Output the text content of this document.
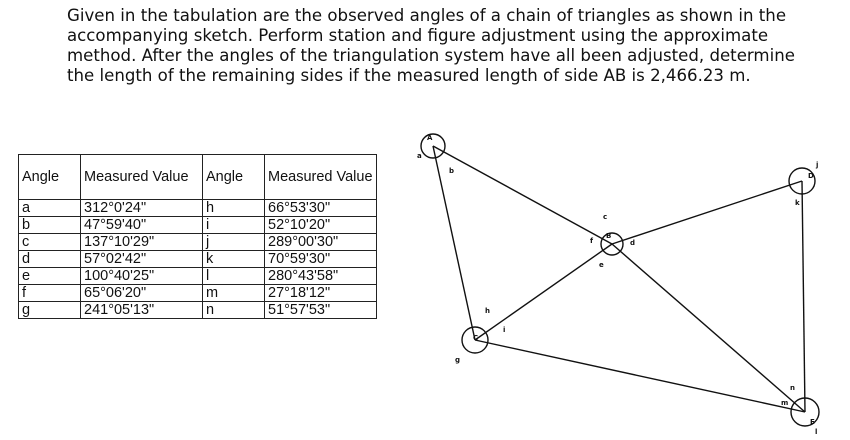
Given in the tabulation are the observed angles of a chain of triangles as shown in the accompanying sketch. Perform station and figure adjustment using the approximate method. After the angles of the triangulation system have all been adjusted, determine the length of the remaining sides if the measured length of side AB is 2,466.23 m.

Angle	Measured Value	Angle	Measured Value
a	312°0'24"	h	66°53'30"
b	47°59'40"	i	52°10'20"
c	137°10'29"	j	289°00'30"
d	57°02'42"	k	70°59'30"
e	100°40'25"	l	280°43'58"
f	65°06'20"	m	27°18'12"
g	241°05'13"	n	51°57'53"
A
B
C
D
E
a
b
c
d
e
f
g
h
i
j
k
l
m
n
